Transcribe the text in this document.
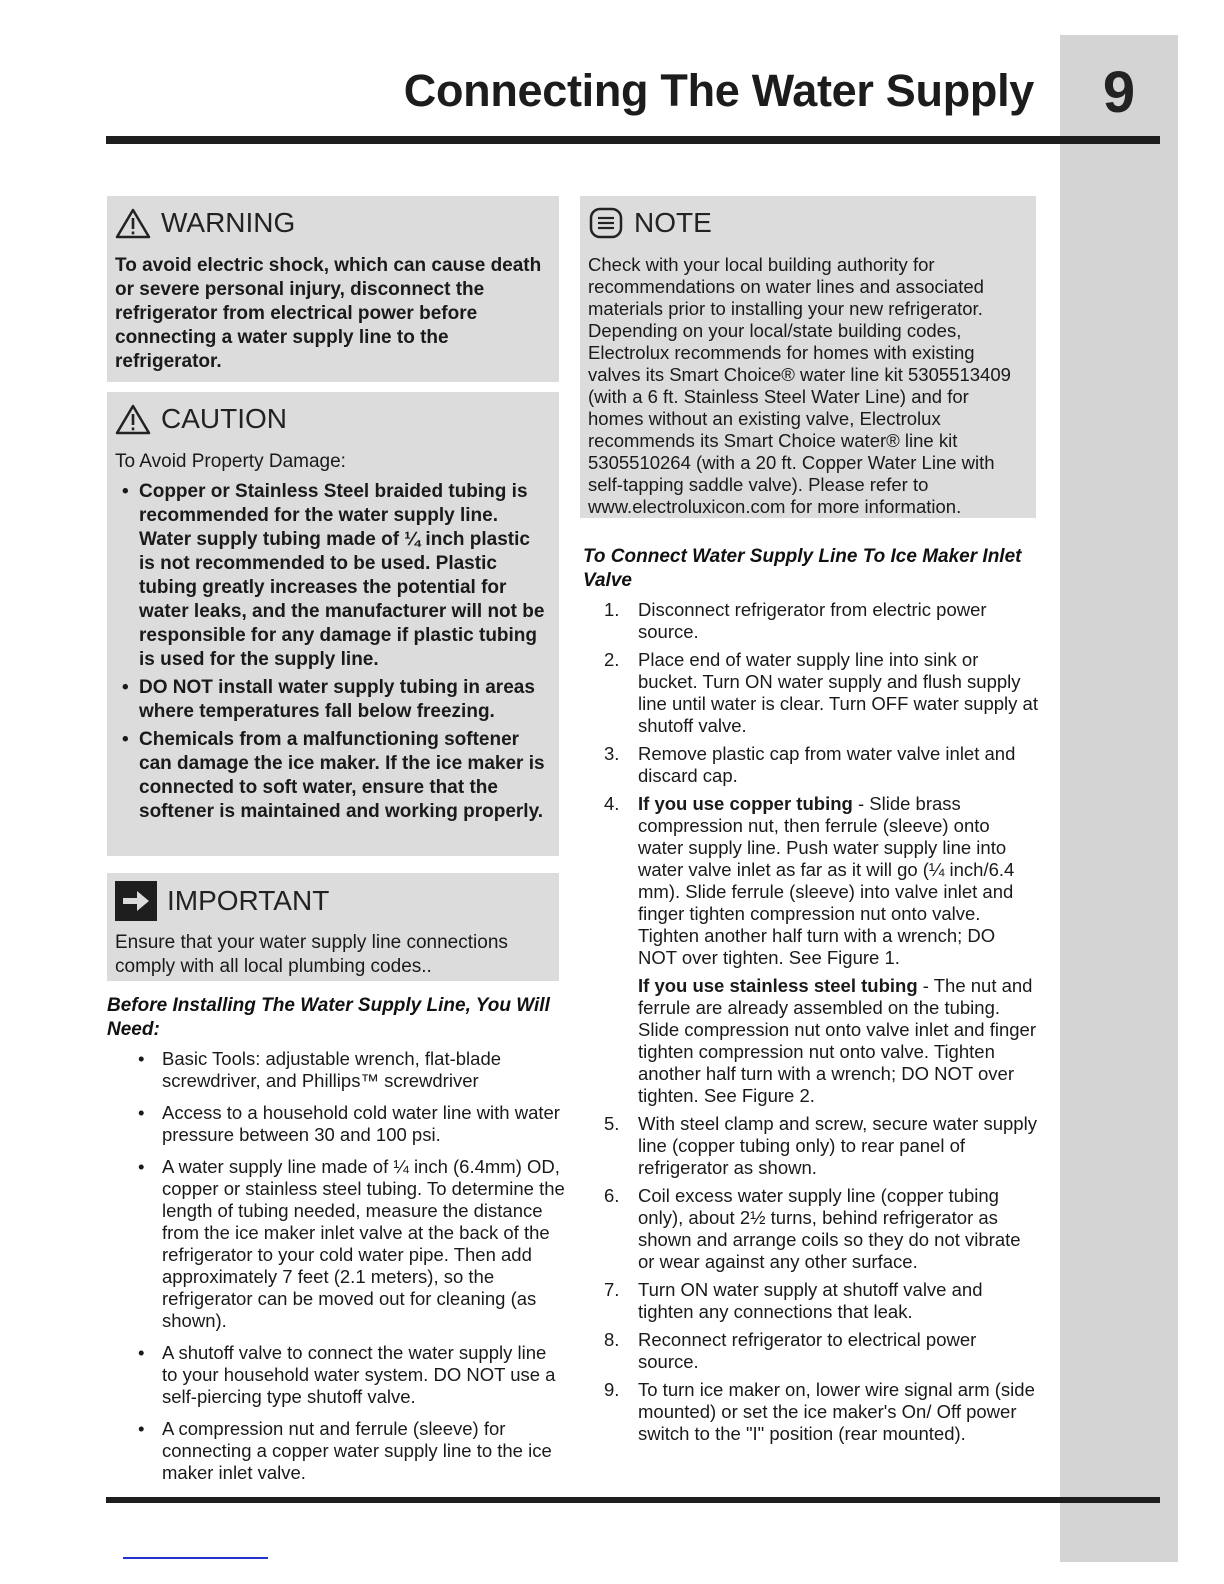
9
Connecting The Water Supply
WARNING
To avoid electric shock, which can cause death or severe personal injury, disconnect the refrigerator from electrical power before connecting a water supply line to the refrigerator.
CAUTION
To Avoid Property Damage:
• Copper or Stainless Steel braided tubing is recommended for the water supply line. Water supply tubing made of ¼ inch plastic is not recommended to be used. Plastic tubing greatly increases the potential for water leaks, and the manufacturer will not be responsible for any damage if plastic tubing is used for the supply line.
• DO NOT install water supply tubing in areas where temperatures fall below freezing.
• Chemicals from a malfunctioning softener can damage the ice maker. If the ice maker is connected to soft water, ensure that the softener is maintained and working properly.
IMPORTANT
Ensure that your water supply line connections comply with all local plumbing codes..
NOTE
Check with your local building authority for recommendations on water lines and associated materials prior to installing your new refrigerator. Depending on your local/state building codes, Electrolux recommends for homes with existing valves its Smart Choice® water line kit 5305513409 (with a 6 ft. Stainless Steel Water Line) and for homes without an existing valve, Electrolux recommends its Smart Choice water® line kit 5305510264 (with a 20 ft. Copper Water Line with self-tapping saddle valve). Please refer to www.electroluxicon.com for more information.
Before Installing The Water Supply Line, You Will Need:
• Basic Tools: adjustable wrench, flat-blade screwdriver, and Phillips™ screwdriver
• Access to a household cold water line with water pressure between 30 and 100 psi.
• A water supply line made of ¼ inch (6.4mm) OD, copper or stainless steel tubing. To determine the length of tubing needed, measure the distance from the ice maker inlet valve at the back of the refrigerator to your cold water pipe. Then add approximately 7 feet (2.1 meters), so the refrigerator can be moved out for cleaning (as shown).
• A shutoff valve to connect the water supply line to your household water system. DO NOT use a self-piercing type shutoff valve.
• A compression nut and ferrule (sleeve) for connecting a copper water supply line to the ice maker inlet valve.
To Connect Water Supply Line To Ice Maker Inlet Valve
1. Disconnect refrigerator from electric power source.
2. Place end of water supply line into sink or bucket. Turn ON water supply and flush supply line until water is clear. Turn OFF water supply at shutoff valve.
3. Remove plastic cap from water valve inlet and discard cap.
4. If you use copper tubing - Slide brass compression nut, then ferrule (sleeve) onto water supply line. Push water supply line into water valve inlet as far as it will go (¼ inch/6.4 mm). Slide ferrule (sleeve) into valve inlet and finger tighten compression nut onto valve. Tighten another half turn with a wrench; DO NOT over tighten. See Figure 1.
If you use stainless steel tubing - The nut and ferrule are already assembled on the tubing. Slide compression nut onto valve inlet and finger tighten compression nut onto valve. Tighten another half turn with a wrench; DO NOT over tighten. See Figure 2.
5. With steel clamp and screw, secure water supply line (copper tubing only) to rear panel of refrigerator as shown.
6. Coil excess water supply line (copper tubing only), about 2½ turns, behind refrigerator as shown and arrange coils so they do not vibrate or wear against any other surface.
7. Turn ON water supply at shutoff valve and tighten any connections that leak.
8. Reconnect refrigerator to electrical power source.
9. To turn ice maker on, lower wire signal arm (side mounted) or set the ice maker's On/ Off power switch to the "I" position (rear mounted).
